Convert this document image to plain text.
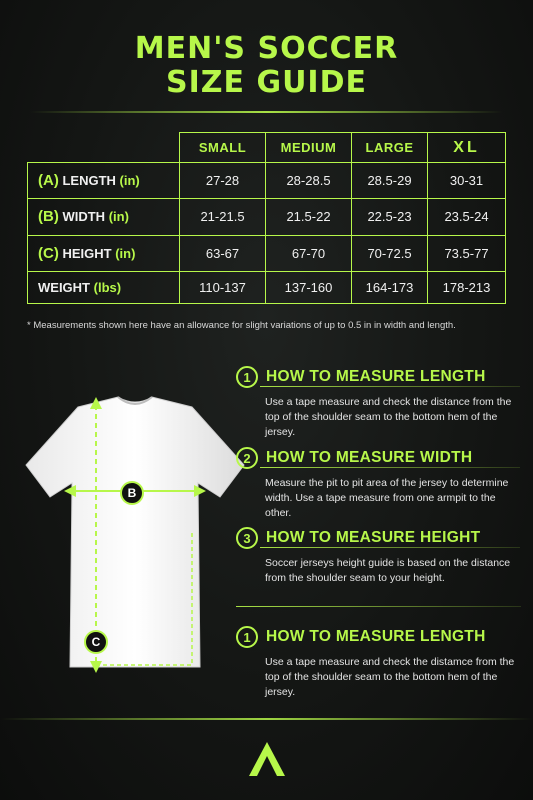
MEN'S SOCCER
SIZE GUIDE
	SMALL	MEDIUM	LARGE	XL
(A) LENGTH (in)	27-28	28-28.5	28.5-29	30-31
(B) WIDTH (in)	21-21.5	21.5-22	22.5-23	23.5-24
(C) HEIGHT (in)	63-67	67-70	70-72.5	73.5-77
WEIGHT (lbs)	110-137	137-160	164-173	178-213
* Measurements shown here have an allowance for slight variations of up to 0.5 in in width and length.
B
C
1 HOW TO MEASURE LENGTH
Use a tape measure and check the distance from the top of the shoulder seam to the bottom hem of the jersey.
2 HOW TO MEASURE WIDTH
Measure the pit to pit area of the jersey to determine width. Use a tape measure from one armpit to the other.
3 HOW TO MEASURE HEIGHT
Soccer jerseys height guide is based on the distance from the shoulder seam to your height.
1 HOW TO MEASURE LENGTH
Use a tape measure and check the distamce from the top of the shoulder seam to the bottom hem of the jersey.
